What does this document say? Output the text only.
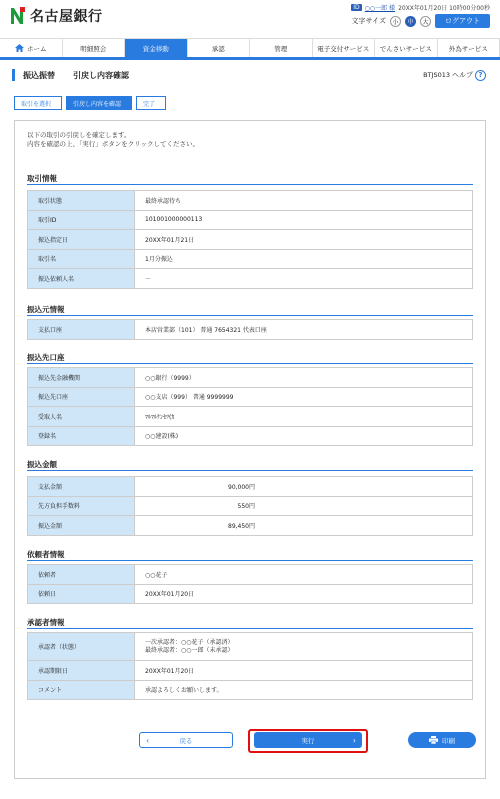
名古屋銀行
ID ○○一郎 様 20XX年01月20日 10時00分00秒
文字サイズ	小	中	大	ログアウト
ホーム	明細照会	資金移動	承認	管理	電子交付サービス でんさいサービス	外為サービス
振込振替 引戻し内容確認	BTJS013 ヘルプ ?
取引を選択	引戻し内容を確認	完了
以下の取引の引戻しを確定します。
内容を確認の上、「実行」ボタンをクリックしてください。
取引情報
取引状態	最終承認待ち
取引ID	101001000000113
振込指定日	20XX年01月21日
取引名	1月分振込
振込依頼人名	－
振込元情報
支払口座	本店営業部（101） 普通 7654321 代表口座
振込先口座
振込先金融機関	○○銀行（9999）
振込先口座	○○支店（999） 普通 9999999
受取人名	ﾏﾙﾏﾙｹﾝｾﾂ(ｶ
登録名	○○建設(株)
振込金額
支払金額	90,000円
先方負担手数料	550円
振込金額	89,450円
依頼者情報
依頼者	○○花子
依頼日	20XX年01月20日
承認者情報
承認者（状態）	一次承認者：○○花子（承認済）
最終承認者：○○一郎（未承認）

承認期限日	20XX年01月20日
コメント	承認よろしくお願いします。
‹	戻る	実行	›	印刷
